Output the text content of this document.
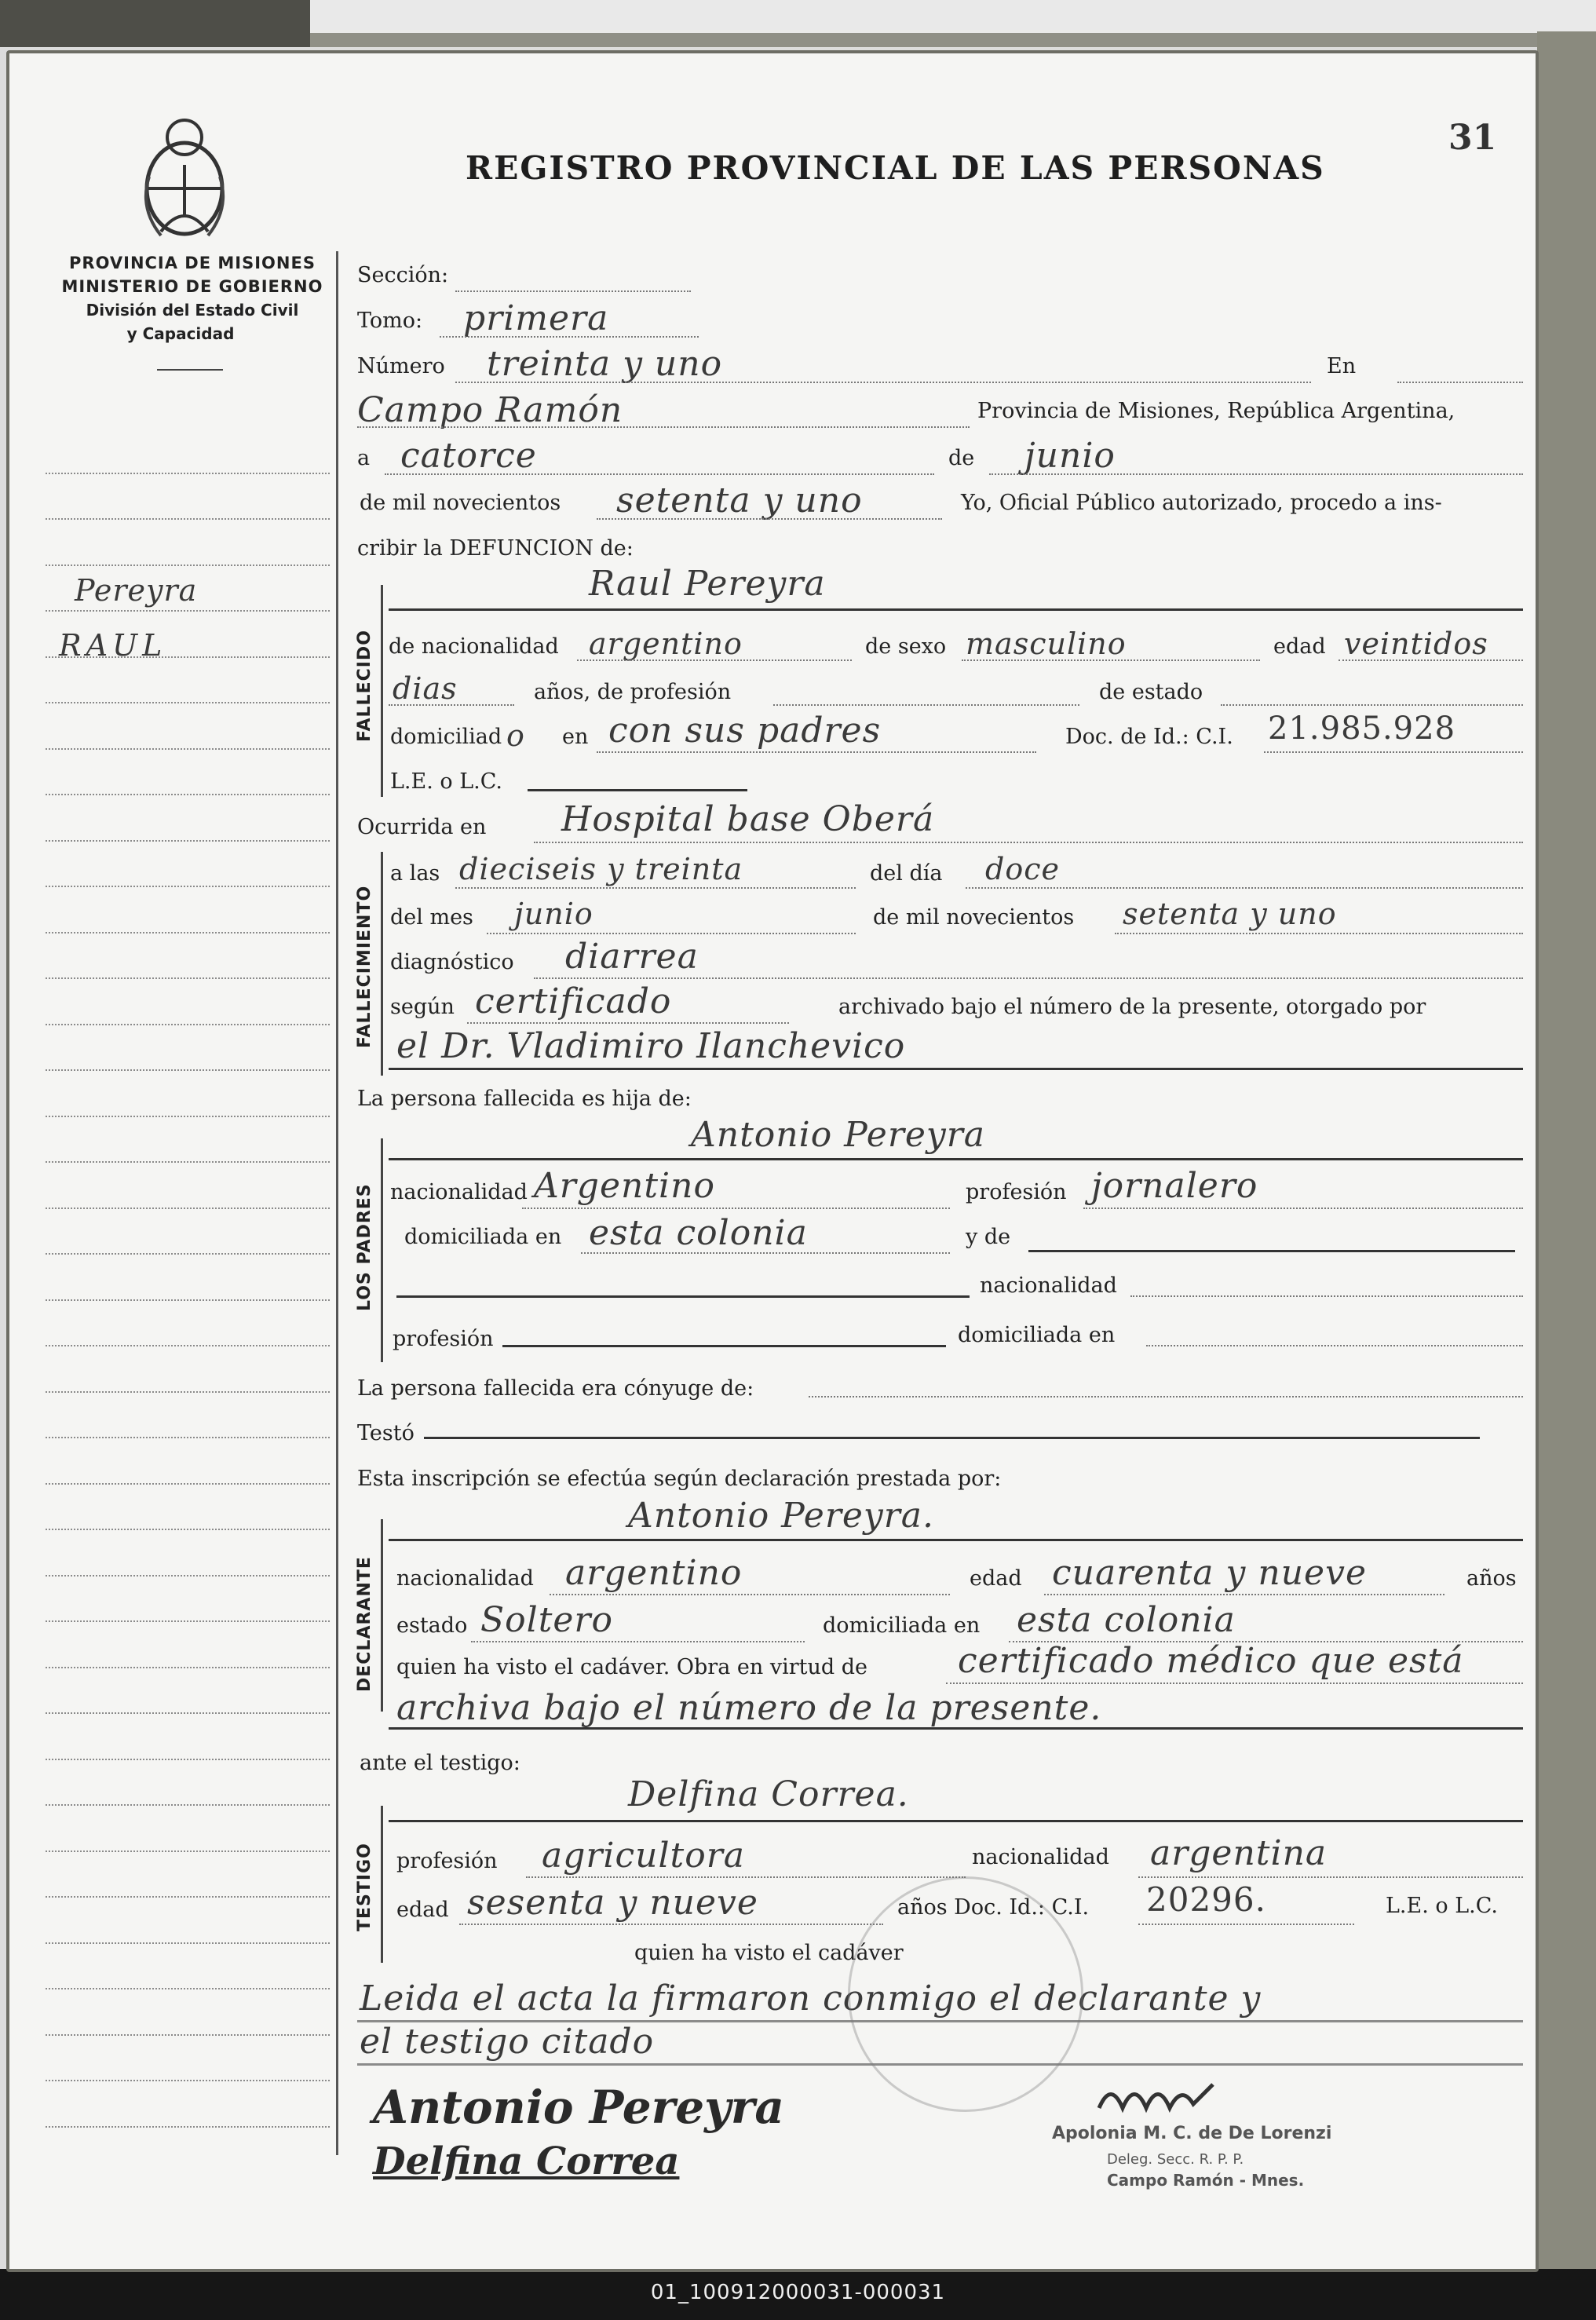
PROVINCIA DE MISIONES
MINISTERIO DE GOBIERNO
División del Estado Civil
y Capacidad
REGISTRO PROVINCIAL DE LAS PERSONAS
31
Pereyra
RAUL
Sección:
Tomo: primera
Número treinta y uno	En
Campo Ramón	Provincia de Misiones, República Argentina,
a catorce	de junio
de mil novecientos setenta y uno	Yo, Oficial Público autorizado, procedo a ins-
cribir la DEFUNCION de:
FALLECIDO
Raul Pereyra
de nacionalidad argentino	de sexo masculino	edad veintidos
dias	años, de profesión	de estado
domiciliad o en con sus padres	Doc. de Id.: C.I. 21.985.928
L.E. o L.C.
Ocurrida en Hospital base Oberá
FALLECIMIENTO
a las dieciseis y treinta	del día doce
del mes junio	de mil novecientos setenta y uno
diagnóstico diarrea
según certificado	archivado bajo el número de la presente, otorgado por
el Dr. Vladimiro Ilanchevico
La persona fallecida es hija de:
LOS PADRES
Antonio Pereyra
nacionalidad Argentino	profesión jornalero
domiciliada en esta colonia	y de
nacionalidad
profesión	domiciliada en
La persona fallecida era cónyuge de:
Testó
Esta inscripción se efectúa según declaración prestada por:
DECLARANTE
Antonio Pereyra.
nacionalidad argentino	edad cuarenta y nueve	años
estado Soltero	domiciliada en esta colonia
quien ha visto el cadáver. Obra en virtud de	certificado médico que está
archiva bajo el número de la presente.
ante el testigo:
TESTIGO
Delfina Correa.
profesión agricultora	nacionalidad argentina
edad sesenta y nueve	años Doc. Id.: C.I. 20296.	L.E. o L.C.
quien ha visto el cadáver
Leida el acta la firmaron conmigo el declarante y
el testigo citado
Antonio Pereyra
Delfina Correa
Apolonia M. C. de De Lorenzi
Deleg. Secc. R. P. P.
Campo Ramón - Mnes.
01_100912000031-000031
